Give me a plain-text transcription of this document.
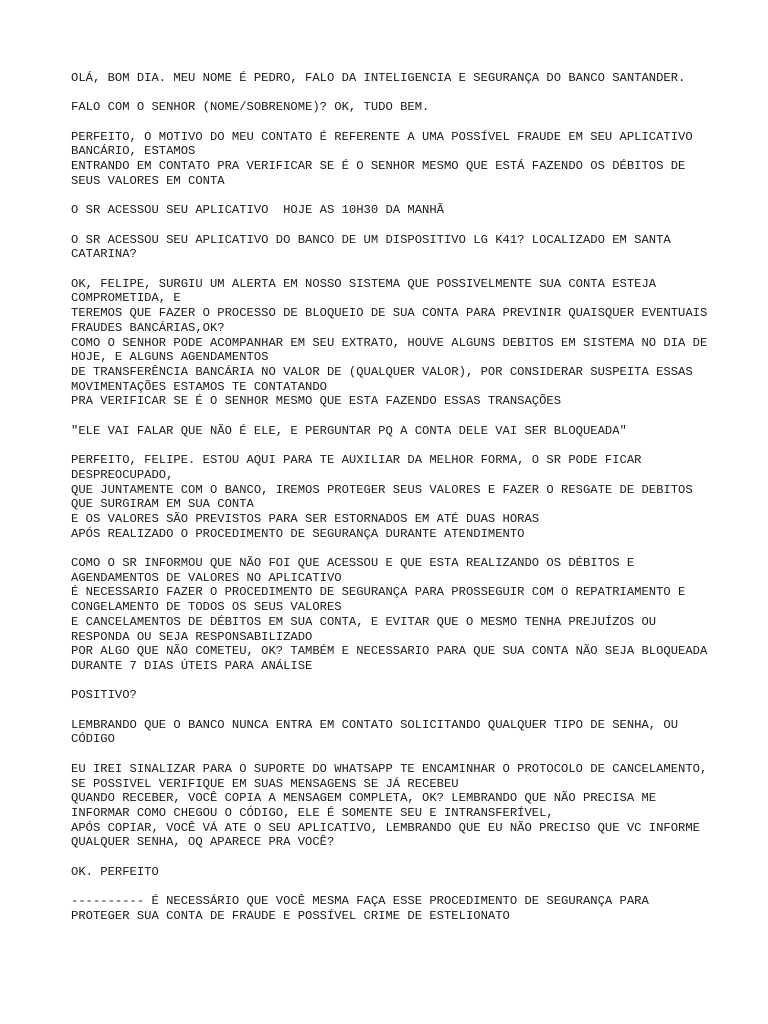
OLÁ, BOM DIA. MEU NOME É PEDRO, FALO DA INTELIGENCIA E SEGURANÇA DO BANCO SANTANDER.

FALO COM O SENHOR (NOME/SOBRENOME)? OK, TUDO BEM.

PERFEITO, O MOTIVO DO MEU CONTATO É REFERENTE A UMA POSSÍVEL FRAUDE EM SEU APLICATIVO BANCÁRIO, ESTAMOS
ENTRANDO EM CONTATO PRA VERIFICAR SE É O SENHOR MESMO QUE ESTÁ FAZENDO OS DÉBITOS DE SEUS VALORES EM CONTA

O SR ACESSOU SEU APLICATIVO  HOJE AS 10H30 DA MANHÃ

O SR ACESSOU SEU APLICATIVO DO BANCO DE UM DISPOSITIVO LG K41? LOCALIZADO EM SANTA CATARINA?

OK, FELIPE, SURGIU UM ALERTA EM NOSSO SISTEMA QUE POSSIVELMENTE SUA CONTA ESTEJA COMPROMETIDA, E
TEREMOS QUE FAZER O PROCESSO DE BLOQUEIO DE SUA CONTA PARA PREVINIR QUAISQUER EVENTUAIS FRAUDES BANCÁRIAS,OK?
COMO O SENHOR PODE ACOMPANHAR EM SEU EXTRATO, HOUVE ALGUNS DEBITOS EM SISTEMA NO DIA DE HOJE, E ALGUNS AGENDAMENTOS
DE TRANSFERÊNCIA BANCÁRIA NO VALOR DE (QUALQUER VALOR), POR CONSIDERAR SUSPEITA ESSAS MOVIMENTAÇÕES ESTAMOS TE CONTATANDO
PRA VERIFICAR SE É O SENHOR MESMO QUE ESTA FAZENDO ESSAS TRANSAÇÕES

"ELE VAI FALAR QUE NÃO É ELE, E PERGUNTAR PQ A CONTA DELE VAI SER BLOQUEADA"

PERFEITO, FELIPE. ESTOU AQUI PARA TE AUXILIAR DA MELHOR FORMA, O SR PODE FICAR DESPREOCUPADO,
QUE JUNTAMENTE COM O BANCO, IREMOS PROTEGER SEUS VALORES E FAZER O RESGATE DE DEBITOS QUE SURGIRAM EM SUA CONTA
E OS VALORES SÃO PREVISTOS PARA SER ESTORNADOS EM ATÉ DUAS HORAS
APÓS REALIZADO O PROCEDIMENTO DE SEGURANÇA DURANTE ATENDIMENTO

COMO O SR INFORMOU QUE NÃO FOI QUE ACESSOU E QUE ESTA REALIZANDO OS DÉBITOS E AGENDAMENTOS DE VALORES NO APLICATIVO
É NECESSARIO FAZER O PROCEDIMENTO DE SEGURANÇA PARA PROSSEGUIR COM O REPATRIAMENTO E CONGELAMENTO DE TODOS OS SEUS VALORES
E CANCELAMENTOS DE DÉBITOS EM SUA CONTA, E EVITAR QUE O MESMO TENHA PREJUÍZOS OU RESPONDA OU SEJA RESPONSABILIZADO
POR ALGO QUE NÃO COMETEU, OK? TAMBÉM E NECESSARIO PARA QUE SUA CONTA NÃO SEJA BLOQUEADA DURANTE 7 DIAS ÚTEIS PARA ANÁLISE

POSITIVO?

LEMBRANDO QUE O BANCO NUNCA ENTRA EM CONTATO SOLICITANDO QUALQUER TIPO DE SENHA, OU CÓDIGO

EU IREI SINALIZAR PARA O SUPORTE DO WHATSAPP TE ENCAMINHAR O PROTOCOLO DE CANCELAMENTO, SE POSSIVEL VERIFIQUE EM SUAS MENSAGENS SE JÁ RECEBEU
QUANDO RECEBER, VOCÊ COPIA A MENSAGEM COMPLETA, OK? LEMBRANDO QUE NÃO PRECISA ME INFORMAR COMO CHEGOU O CÓDIGO, ELE É SOMENTE SEU E INTRANSFERÍVEL,
APÓS COPIAR, VOCÊ VÁ ATE O SEU APLICATIVO, LEMBRANDO QUE EU NÃO PRECISO QUE VC INFORME QUALQUER SENHA, OQ APARECE PRA VOCÊ?

OK. PERFEITO

---------- É NECESSÁRIO QUE VOCÊ MESMA FAÇA ESSE PROCEDIMENTO DE SEGURANÇA PARA PROTEGER SUA CONTA DE FRAUDE E POSSÍVEL CRIME DE ESTELIONATO
